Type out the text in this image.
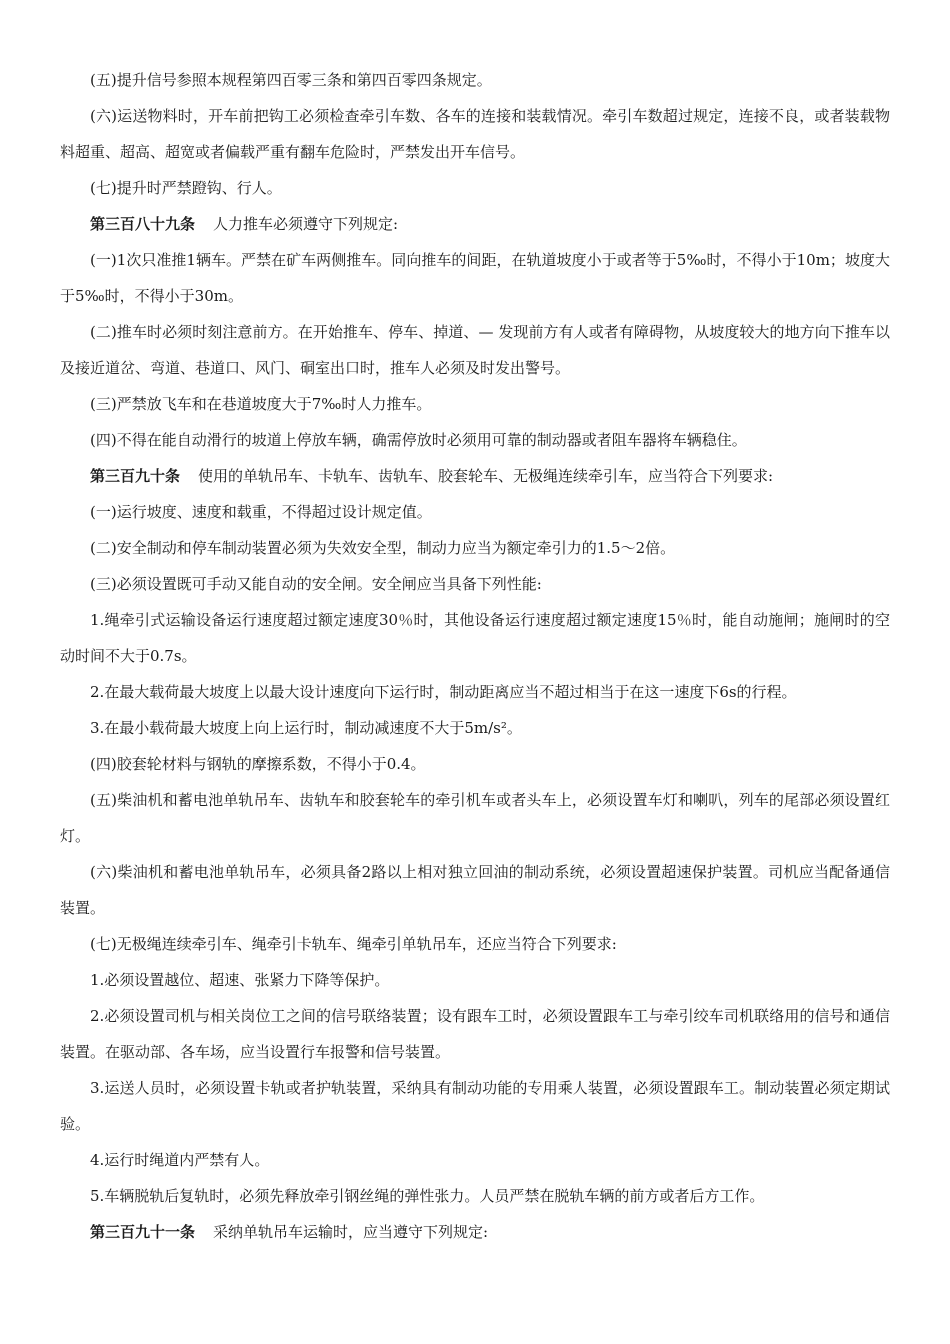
(五)提升信号参照本规程第四百零三条和第四百零四条规定。

(六)运送物料时，开车前把钩工必须检查牵引车数、各车的连接和装载情况。牵引车数超过规定，连接不良，或者装载物料超重、超高、超宽或者偏载严重有翻车危险时，严禁发出开车信号。

(七)提升时严禁蹬钩、行人。

第三百八十九条 人力推车必须遵守下列规定:

(一)1次只准推1辆车。严禁在矿车两侧推车。同向推车的间距，在轨道坡度小于或者等于5‰时，不得小于10m；坡度大于5‰时，不得小于30m。

(二)推车时必须时刻注意前方。在开始推车、停车、掉道、— 发现前方有人或者有障碍物，从坡度较大的地方向下推车以及接近道岔、弯道、巷道口、风门、硐室出口时，推车人必须及时发出警号。

(三)严禁放飞车和在巷道坡度大于7‰时人力推车。

(四)不得在能自动滑行的坡道上停放车辆，确需停放时必须用可靠的制动器或者阻车器将车辆稳住。

第三百九十条 使用的单轨吊车、卡轨车、齿轨车、胶套轮车、无极绳连续牵引车，应当符合下列要求:

(一)运行坡度、速度和载重，不得超过设计规定值。

(二)安全制动和停车制动装置必须为失效安全型，制动力应当为额定牵引力的1.5～2倍。

(三)必须设置既可手动又能自动的安全闸。安全闸应当具备下列性能:

1.绳牵引式运输设备运行速度超过额定速度30％时，其他设备运行速度超过额定速度15％时，能自动施闸；施闸时的空动时间不大于0.7s。

2.在最大载荷最大坡度上以最大设计速度向下运行时，制动距离应当不超过相当于在这一速度下6s的行程。

3.在最小载荷最大坡度上向上运行时，制动减速度不大于5m/s²。

(四)胶套轮材料与钢轨的摩擦系数，不得小于0.4。

(五)柴油机和蓄电池单轨吊车、齿轨车和胶套轮车的牵引机车或者头车上，必须设置车灯和喇叭，列车的尾部必须设置红灯。

(六)柴油机和蓄电池单轨吊车，必须具备2路以上相对独立回油的制动系统，必须设置超速保护装置。司机应当配备通信装置。

(七)无极绳连续牵引车、绳牵引卡轨车、绳牵引单轨吊车，还应当符合下列要求:

1.必须设置越位、超速、张紧力下降等保护。

2.必须设置司机与相关岗位工之间的信号联络装置；设有跟车工时，必须设置跟车工与牵引绞车司机联络用的信号和通信装置。在驱动部、各车场，应当设置行车报警和信号装置。

3.运送人员时，必须设置卡轨或者护轨装置，采纳具有制动功能的专用乘人装置，必须设置跟车工。制动装置必须定期试验。

4.运行时绳道内严禁有人。

5.车辆脱轨后复轨时，必须先释放牵引钢丝绳的弹性张力。人员严禁在脱轨车辆的前方或者后方工作。

第三百九十一条 采纳单轨吊车运输时，应当遵守下列规定:
